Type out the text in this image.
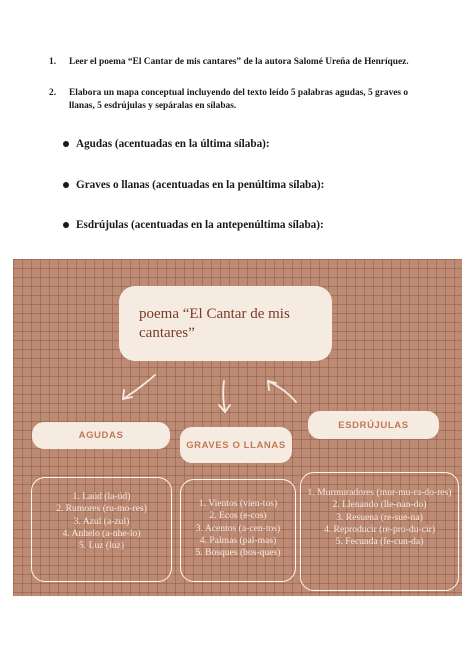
1. Leer el poema “El Cantar de mis cantares” de la autora Salomé Ureña de Henríquez.
2. Elabora un mapa conceptual incluyendo del texto leído 5 palabras agudas, 5 graves o llanas, 5 esdrújulas y sepáralas en sílabas.
Agudas (acentuadas en la última sílaba):
Graves o llanas (acentuadas en la penúltima sílaba):
Esdrújulas (acentuadas en la antepenúltima sílaba):
poema “El Cantar de mis cantares”
AGUDAS
GRAVES O LLANAS
ESDRÚJULAS
1. Laúd (la-úd)
2. Rumores (ru-mo-res)
3. Azul (a-zul)
4. Anhelo (a-nhe-lo)
5. Luz (luz)
1. Vientos (vien-tos)
2. Ecos (e-cos)
3. Acentos (a-cen-tos)
4. Palmas (pal-mas)
5. Bosques (bos-ques)
1. Murmuradores (mur-mu-ra-do-res)
2. Llenando (lle-nan-do)
3. Resuena (re-sue-na)
4. Reproducir (re-pro-du-cir)
5. Fecunda (fe-cun-da)
